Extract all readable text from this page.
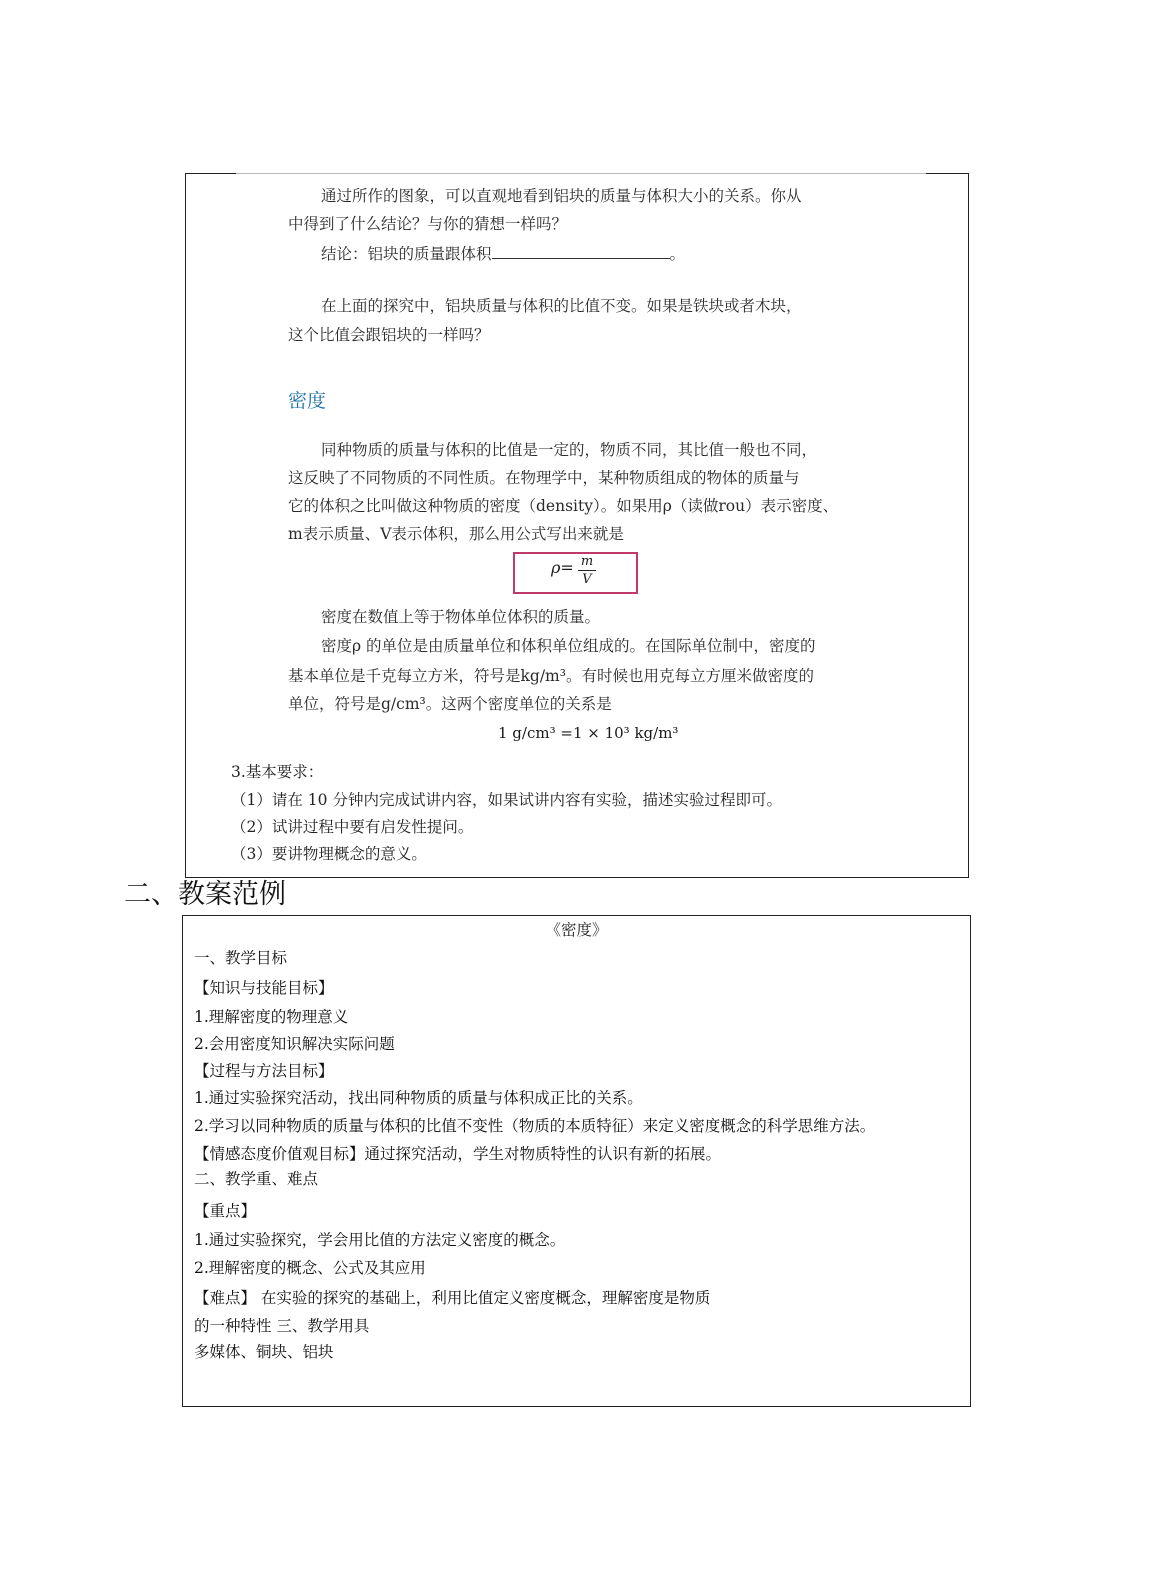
通过所作的图象，可以直观地看到铝块的质量与体积大小的关系。你从
中得到了什么结论？与你的猜想一样吗？
结论：铝块的质量跟体积	。
在上面的探究中，铝块质量与体积的比值不变。如果是铁块或者木块，
这个比值会跟铝块的一样吗？
密度
同种物质的质量与体积的比值是一定的，物质不同，其比值一般也不同，
这反映了不同物质的不同性质。在物理学中，某种物质组成的物体的质量与
它的体积之比叫做这种物质的密度（density）。如果用ρ（读做rou）表示密度、
m表示质量、V表示体积，那么用公式写出来就是
$\rho= \frac{m}{V}$
密度在数值上等于物体单位体积的质量。
密度ρ 的单位是由质量单位和体积单位组成的。在国际单位制中，密度的
基本单位是千克每立方米，符号是kg/m³。有时候也用克每立方厘米做密度的
单位，符号是g/cm³。这两个密度单位的关系是
1 g/cm³ =1 × 10³ kg/m³
3.基本要求：
（1）请在 10 分钟内完成试讲内容，如果试讲内容有实验，描述实验过程即可。
（2）试讲过程中要有启发性提问。
（3）要讲物理概念的意义。
二、教案范例
《密度》
一、教学目标
【知识与技能目标】
1.理解密度的物理意义
2.会用密度知识解决实际问题
【过程与方法目标】
1.通过实验探究活动，找出同种物质的质量与体积成正比的关系。
2.学习以同种物质的质量与体积的比值不变性（物质的本质特征）来定义密度概念的科学思维方法。
【情感态度价值观目标】通过探究活动，学生对物质特性的认识有新的拓展。
二、教学重、难点
【重点】
1.通过实验探究，学会用比值的方法定义密度的概念。
2.理解密度的概念、公式及其应用
【难点】 在实验的探究的基础上，利用比值定义密度概念，理解密度是物质
的一种特性 三、教学用具
多媒体、铜块、铝块
